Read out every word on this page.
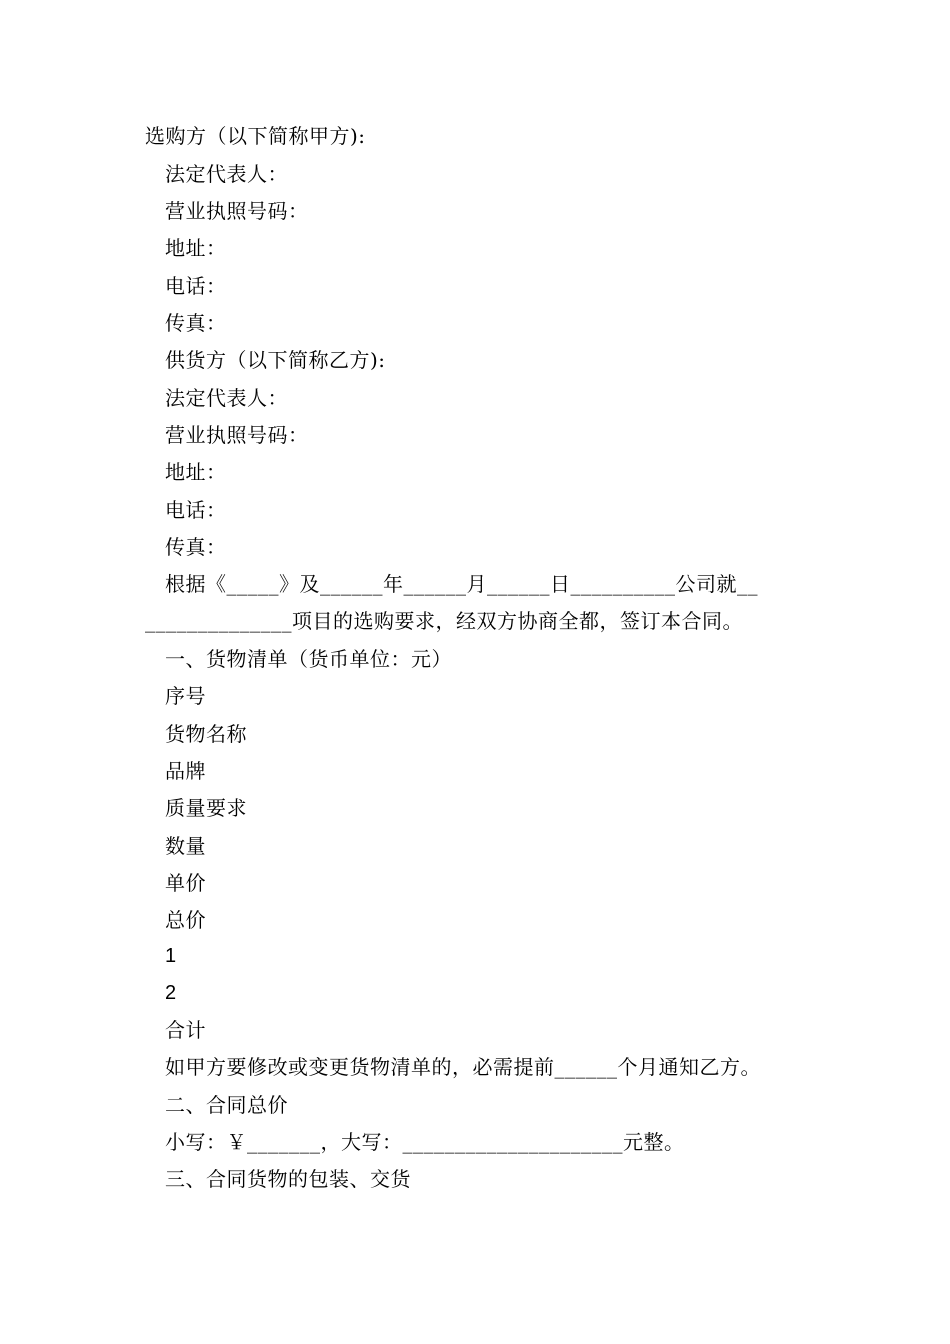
选购方（以下简称甲方):
法定代表人：
营业执照号码：
地址：
电话：
传真：
供货方（以下简称乙方):
法定代表人：
营业执照号码：
地址：
电话：
传真：
根据《_____》及______年______月______日__________公司就__
______________项目的选购要求，经双方协商全都，签订本合同。
一、货物清单（货币单位：元）
序号
货物名称
品牌
质量要求
数量
单价
总价
1
2
合计
如甲方要修改或变更货物清单的，必需提前______个月通知乙方。
二、合同总价
小写：￥_______，大写：_____________________元整。
三、合同货物的包装、交货
